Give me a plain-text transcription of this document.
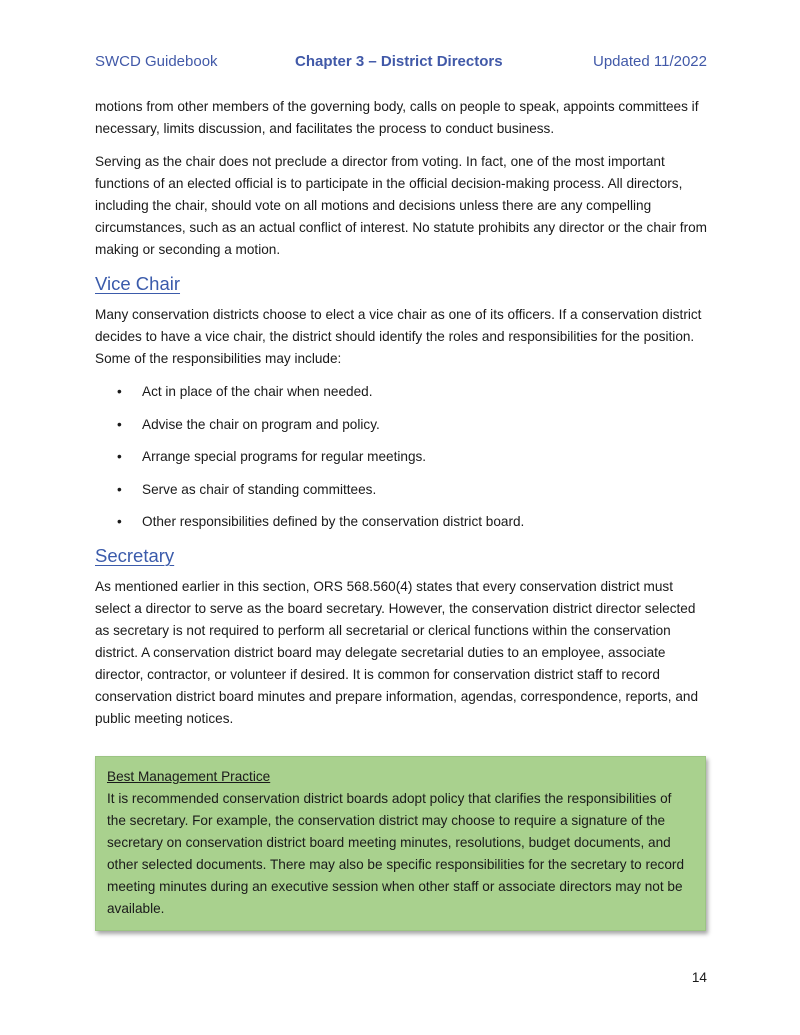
SWCD Guidebook	Chapter 3 – District Directors	Updated 11/2022

motions from other members of the governing body, calls on people to speak, appoints committees if necessary, limits discussion, and facilitates the process to conduct business.

Serving as the chair does not preclude a director from voting. In fact, one of the most important functions of an elected official is to participate in the official decision-making process. All directors, including the chair, should vote on all motions and decisions unless there are any compelling circumstances, such as an actual conflict of interest. No statute prohibits any director or the chair from making or seconding a motion.

Vice Chair

Many conservation districts choose to elect a vice chair as one of its officers. If a conservation district decides to have a vice chair, the district should identify the roles and responsibilities for the position. Some of the responsibilities may include:

• Act in place of the chair when needed.
• Advise the chair on program and policy.
• Arrange special programs for regular meetings.
• Serve as chair of standing committees.
• Other responsibilities defined by the conservation district board.
Secretary

As mentioned earlier in this section, ORS 568.560(4) states that every conservation district must select a director to serve as the board secretary. However, the conservation district director selected as secretary is not required to perform all secretarial or clerical functions within the conservation district. A conservation district board may delegate secretarial duties to an employee, associate director, contractor, or volunteer if desired. It is common for conservation district staff to record conservation district board minutes and prepare information, agendas, correspondence, reports, and public meeting notices.

Best Management Practice
It is recommended conservation district boards adopt policy that clarifies the responsibilities of the secretary. For example, the conservation district may choose to require a signature of the secretary on conservation district board meeting minutes, resolutions, budget documents, and other selected documents. There may also be specific responsibilities for the secretary to record meeting minutes during an executive session when other staff or associate directors may not be available.
14
